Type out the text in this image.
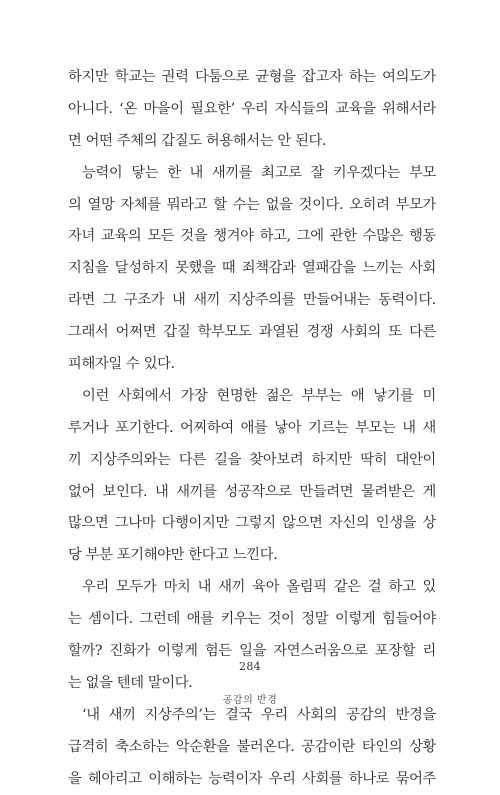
하지만 학교는 권력 다툼으로 균형을 잡고자 하는 여의도가
아니다. ‘온 마을이 필요한’ 우리 자식들의 교육을 위해서라
면 어떤 주체의 갑질도 허용해서는 안 된다.
능력이 닿는 한 내 새끼를 최고로 잘 키우겠다는 부모
의 열망 자체를 뭐라고 할 수는 없을 것이다. 오히려 부모가
자녀 교육의 모든 것을 챙겨야 하고, 그에 관한 수많은 행동
지침을 달성하지 못했을 때 죄책감과 열패감을 느끼는 사회
라면 그 구조가 내 새끼 지상주의를 만들어내는 동력이다.
그래서 어쩌면 갑질 학부모도 과열된 경쟁 사회의 또 다른
피해자일 수 있다.
이런 사회에서 가장 현명한 젊은 부부는 애 낳기를 미
루거나 포기한다. 어찌하여 애를 낳아 기르는 부모는 내 새
끼 지상주의와는 다른 길을 찾아보려 하지만 딱히 대안이
없어 보인다. 내 새끼를 성공작으로 만들려면 물려받은 게
많으면 그나마 다행이지만 그렇지 않으면 자신의 인생을 상
당 부분 포기해야만 한다고 느낀다.
우리 모두가 마치 내 새끼 육아 올림픽 같은 걸 하고 있
는 셈이다. 그런데 애를 키우는 것이 정말 이렇게 힘들어야
할까? 진화가 이렇게 험든 일을 자연스러움으로 포장할 리
는 없을 텐데 말이다.
‘내 새끼 지상주의’는 결국 우리 사회의 공감의 반경을
급격히 축소하는 악순환을 불러온다. 공감이란 타인의 상황
을 헤아리고 이해하는 능력이자 우리 사회를 하나로 묶어주
284
공감의 반경
